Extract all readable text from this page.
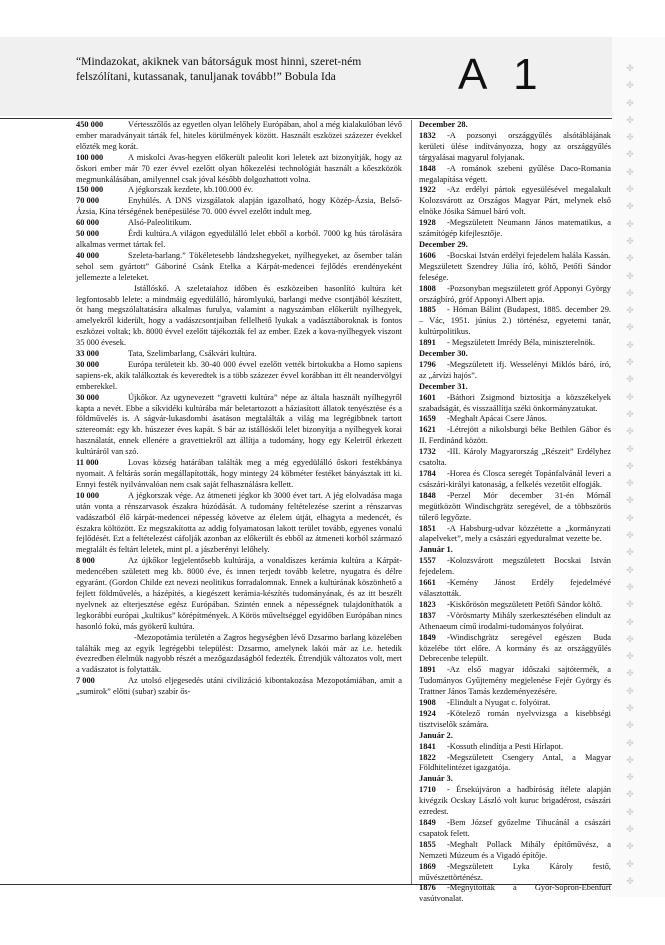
“Mindazokat, akiknek van bátorságuk most hinni, szeret-ném felszólítani, kutassanak, tanuljanak tovább!” Bobula Ida	A 1	✤
✤
✤
✤
✤
✤
✤
✤
✤
✤
✤
✤
✤
✤
✤
✤
✤
✤
✤
✤
✤
✤
✤
✤
✤
✤
✤
✤
✤
✤
✤
✤
✤
✤
✤
✤
✤
✤
✤
✤
✤
✤
✤
✤
✤
✤
✤
✤

450 000	Vértesszőlős az egyetlen olyan lelőhely Európában, ahol a még kialakulóban lévő ember maradványait tárták fel, hiteles körülmények között. Használt eszközei százezer évekkel előzték meg korát.

100 000	A miskolci Avas-hegyen előkerült paleolit kori leletek azt bizonyítják, hogy az őskori ember már 70 ezer évvel ezelőtt olyan hőkezelési technológiát használt a kőeszközök megmunkálásában, amilyennel csak jóval később dolgozhattott volna.

150 000	A jégkorszak kezdete, kb.100.000 év.

70 000	Enyhülés. A DNS vizsgálatok alapján igazolható, hogy Közép-Ázsia, Belső-Ázsia, Kína térségének benépesülése 70. 000 évvel ezelőtt indult meg.

60 000	Alsó-Paleolitikum.

50 000	Érdi kultúra.A világon egyedülálló lelet ebből a korból. 7000 kg hús tárolására alkalmas vermet tártak fel.

40 000	Szeleta-barlang.” Tökéletesebb lándzshegyeket, nyílhegyeket, az ősember talán sehol sem gyártott” Gáboriné Csánk Etelka a Kárpát-medencei fejlődés erendényeként jellemezte a leleteket.

Istállóskő. A szeletaiahoz időben és eszközeiben hasonlító kultúra két legfontosabb lelete: a mindmáig egyedülálló, háromlyukú, barlangi medve csontjából készített, öt hang megszólaltatására alkalmas furulya, valamint a nagyszámban előkerült nyílhegyek, amelyekről kiderült, hogy a vadászcsontjaiban fellelhető lyukak a vadásztáboroknak is fontos eszközei voltak; kb. 8000 évvel ezelőtt tájékozták fel az ember. Ezek a kova-nyílhegyek viszont 35 000 évesek.

33 000	Tata, Szelimbarlang, Csákvári kultúra.

30 000	Európa területeit kb. 30-40 000 évvel ezelőtt vették birtokukba a Homo sapiens sapiens-ek, akik találkoztak és keveredtek is a több százezer évvel korábban itt élt neandervölgyi emberekkel.

30 000	Újkőkor. Az ugynevezett “gravetti kultúra” népe az általa használt nyílhegyről kapta a nevét. Ebbe a síkvidéki kultúrába már beletartozott a háziasított állatok tenyésztése és a földművelés is. A ságvár-lukasdombi ásatáson megtalálták a világ ma legrégibbnek tartott sztereomát: egy kb. húszezer éves kapát. S bár az istállóskői lelet bizonyítja a nyílhegyek korai használatát, ennek ellenére a gravettiekről azt állítja a tudomány, hogy egy Keletről érkezett kultúráról van szó.

11 000	Lovas község határában találták meg a még egyedülálló őskori festékbánya nyomait. A feltárás során megállapították, hogy mintegy 24 köbméter festéket bányásztak itt ki. Ennyi festék nyilvánvalóan nem csak saját felhasználásra kellett.

10 000	A jégkorszak vége. Az átmeneti jégkor kb 3000 évet tart. A jég elolvadása maga után vonta a rénszarvasok északra húzódását. A tudomány feltételezése szerint a rénszarvas vadászatból élő kárpát-medencei népesség követve az élelem útját, elhagyta a medencét, és északra költözött. Ez megszakította az addig folyamatosan lakott terület tovább, egyenes vonalú fejlődését. Ezt a feltételezést cáfolják azonban az előkerült és ebből az átmeneti korból származó megtalált és feltárt leletek, mint pl. a jászberényi lelőhely.

8 000	Az újkőkor legjelentősebb kultúrája, a vonaldíszes kerámia kultúra a Kárpát-medencében született meg kb. 8000 éve, és innen terjedt tovább keletre, nyugatra és délre egyaránt. (Gordon Childe ezt nevezi neolitikus forradalomnak. Ennek a kultúrának köszönhető a fejlett földművelés, a házépítés, a kiegészett kerámia-készítés tudományának, és az itt beszélt nyelvnek az elterjesztése egész Európában. Szintén ennek a népességnek tulajdoníthatók a legkorábbi európai „kultikus” körépítmények. A Körös műveltséggel egyidőben Európában nincs hasonló fokú, más gyökerű kultúra.

-Mezopotámia területén a Zagros hegységben lévő Dzsarmo barlang közelében találták meg az egyik legrégebbi települést: Dzsarmo, amelynek lakói már az i.e. hetedik évezredben élelmük nagyobb részét a mezőgazdaságból fedezték. Étrendjük változatos volt, mert a vadászatot is folytatták.

7 000	Az utolsó eljegesedés utáni civilizáció kibontakozása Mezopotámiában, amit a „sumirok” előtti (subar) szabír ős-

December 28.

1832 -A pozsonyi országgyűlés alsótáblájának kerületi ülése indítványozza, hogy az országgyűlés tárgyalásai magyarul folyjanak.

1848 -A románok szebeni gyűlése Daco-Romania megalapítása végett.

1922 -Az erdélyi pártok egyesülésével megalakult Kolozsvárott az Országos Magyar Párt, melynek első elnöke Jósika Sámuel báró volt.

1928 -Megszületett Neumann János matematikus, a számítógép kifejlesztője.

December 29.

1606 -Bocskai István erdélyi fejedelem halála Kassán.

Megszületett Szendrey Júlia író, költő, Petőfi Sándor felesége.

1808 -Pozsonyban megszületett gróf Apponyi György országbíró, gróf Apponyi Albert apja.

1885 - Hóman Bálint (Budapest, 1885. december 29. – Vác, 1951. június 2.) történész, egyetemi tanár, kultúrpolitikus.

1891 - Megszületett Imrédy Béla, miniszterelnök.

December 30.

1796 -Megszületett ifj. Wesselényi Miklós báró, író, az „árvízi hajós”.

December 31.

1601 -Báthori Zsigmond biztosítja a közszékelyek szabadságát, és visszaállítja széki önkormányzatukat.

1659 -Meghalt Apácai Csere János.

1621 -Létrejött a nikolsburgi béke Bethlen Gábor és II. Ferdinánd között.

1732 -III. Károly Magyarország „Részeit” Erdélyhez csatolta.

1784 -Horea és Closca seregét Topánfalvánál leveri a császári-királyi katonaság, a felkelés vezetőit elfogják.

1848 -Perzel Mór december 31-én Mórnál megütközött Windischgrätz seregével, de a többszörös túlerő legyőzte.

1851 -A Habsburg-udvar közzétette a „kormányzati alapelveket”, mely a császári egyeduralmat vezette be.

Január 1.

1557 -Kolozsvárott megszületett Bocskai István fejedelem.

1661 -Kemény Jánost Erdély fejedelmévé választották.

1823 -Kiskőrösön megszületett Petőfi Sándor költő.

1837 -Vörösmarty Mihály szerkesztésében elindult az Athenaeum című irodalmi-tudományos folyóirat.

1849 -Windischgrätz seregével egészen Buda közelébe tört előre. A kormány és az országgyűlés Debrecenbe települt.

1891 -Az első magyar időszaki sajtótermék, a Tudományos Gyűjtemény megjelenése Fejér György és Trattner János Tamás kezdeményezésére.

1908 -Elindult a Nyugat c. folyóirat.

1924 -Kötelező román nyelvvizsga a kisebbségi tisztviselők számára.

Január 2.

1841 -Kossuth elindítja a Pesti Hírlapot.

1822 -Megszületett Csengery Antal, a Magyar Földhitelintézet igazgatója.

Január 3.

1710 - Érsekújváron a hadbíróság ítélete alapján kivégzik Ocskay László volt kuruc brigadérost, császári ezredest.

1849 -Bem József győzelme Tihucánál a császári csapatok felett.

1855 -Meghalt Pollack Mihály építőművész, a Nemzeti Múzeum és a Vigadó építője.

1869 -Megszületett Lyka Károly festő, művészettörténész.

1876 -Megnyitották a Győr-Sopron-Ebenfurt vasútvonalat.
